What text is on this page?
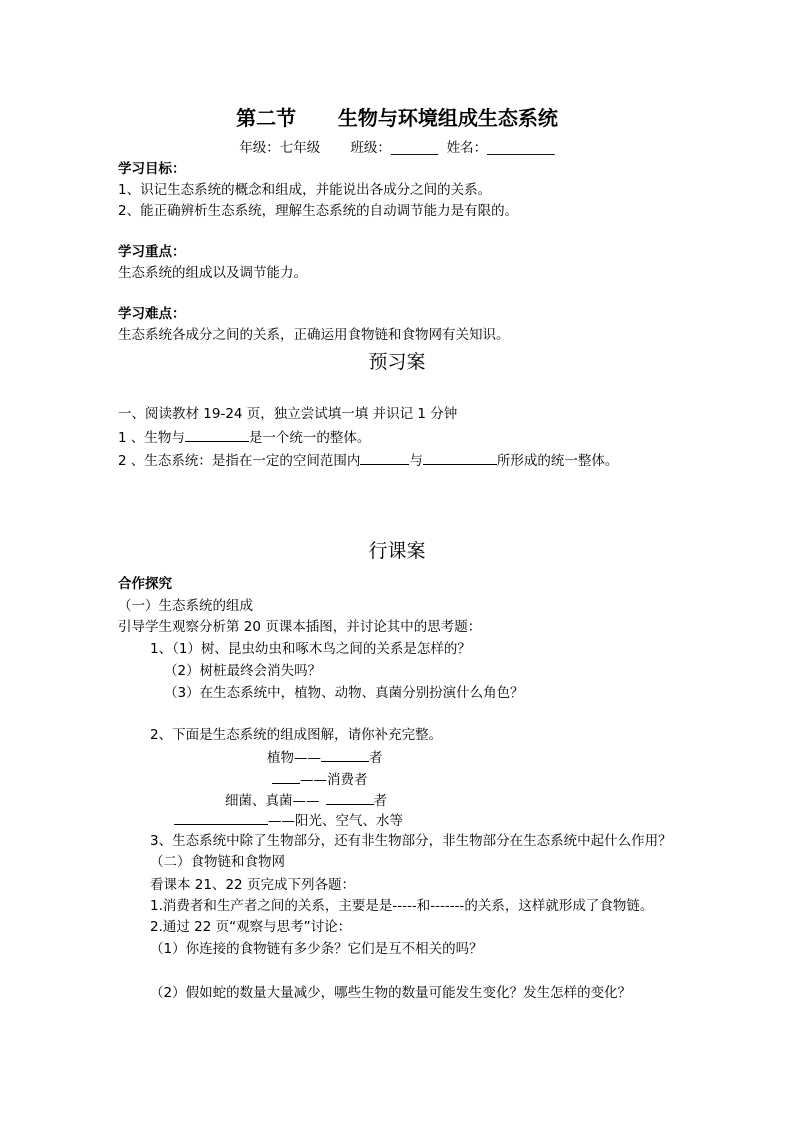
第二节      生物与环境组成生态系统
年级：七年级       班级：_______  姓名：__________
学习目标：
1、识记生态系统的概念和组成，并能说出各成分之间的关系。
2、能正确辨析生态系统，理解生态系统的自动调节能力是有限的。
学习重点：
生态系统的组成以及调节能力。
学习难点：
生态系统各成分之间的关系，正确运用食物链和食物网有关知识。
预习案
一、阅读教材 19-24 页，独立尝试填一填 并识记 1 分钟
1 、生物与	是一个统一的整体。
2 、生态系统：是指在一定的空间范围内	与	所形成的统一整体。
行课案
合作探究
（一）生态系统的组成
引导学生观察分析第 20 页课本插图，并讨论其中的思考题：
1、（1）树、昆虫幼虫和啄木鸟之间的关系是怎样的？
（2）树桩最终会消失吗？
（3）在生态系统中，植物、动物、真菌分别扮演什么角色？
2、下面是生态系统的组成图解，请你补充完整。
植物——	者
——消费者
细菌、真菌——	者
——阳光、空气、水等
3、生态系统中除了生物部分，还有非生物部分，非生物部分在生态系统中起什么作用？
（二）食物链和食物网
看课本 21、22 页完成下列各题：
1.消费者和生产者之间的关系，主要是是-----和-------的关系，这样就形成了食物链。
2.通过 22 页“观察与思考”讨论：
（1）你连接的食物链有多少条？它们是互不相关的吗？
（2）假如蛇的数量大量减少，哪些生物的数量可能发生变化？发生怎样的变化？
